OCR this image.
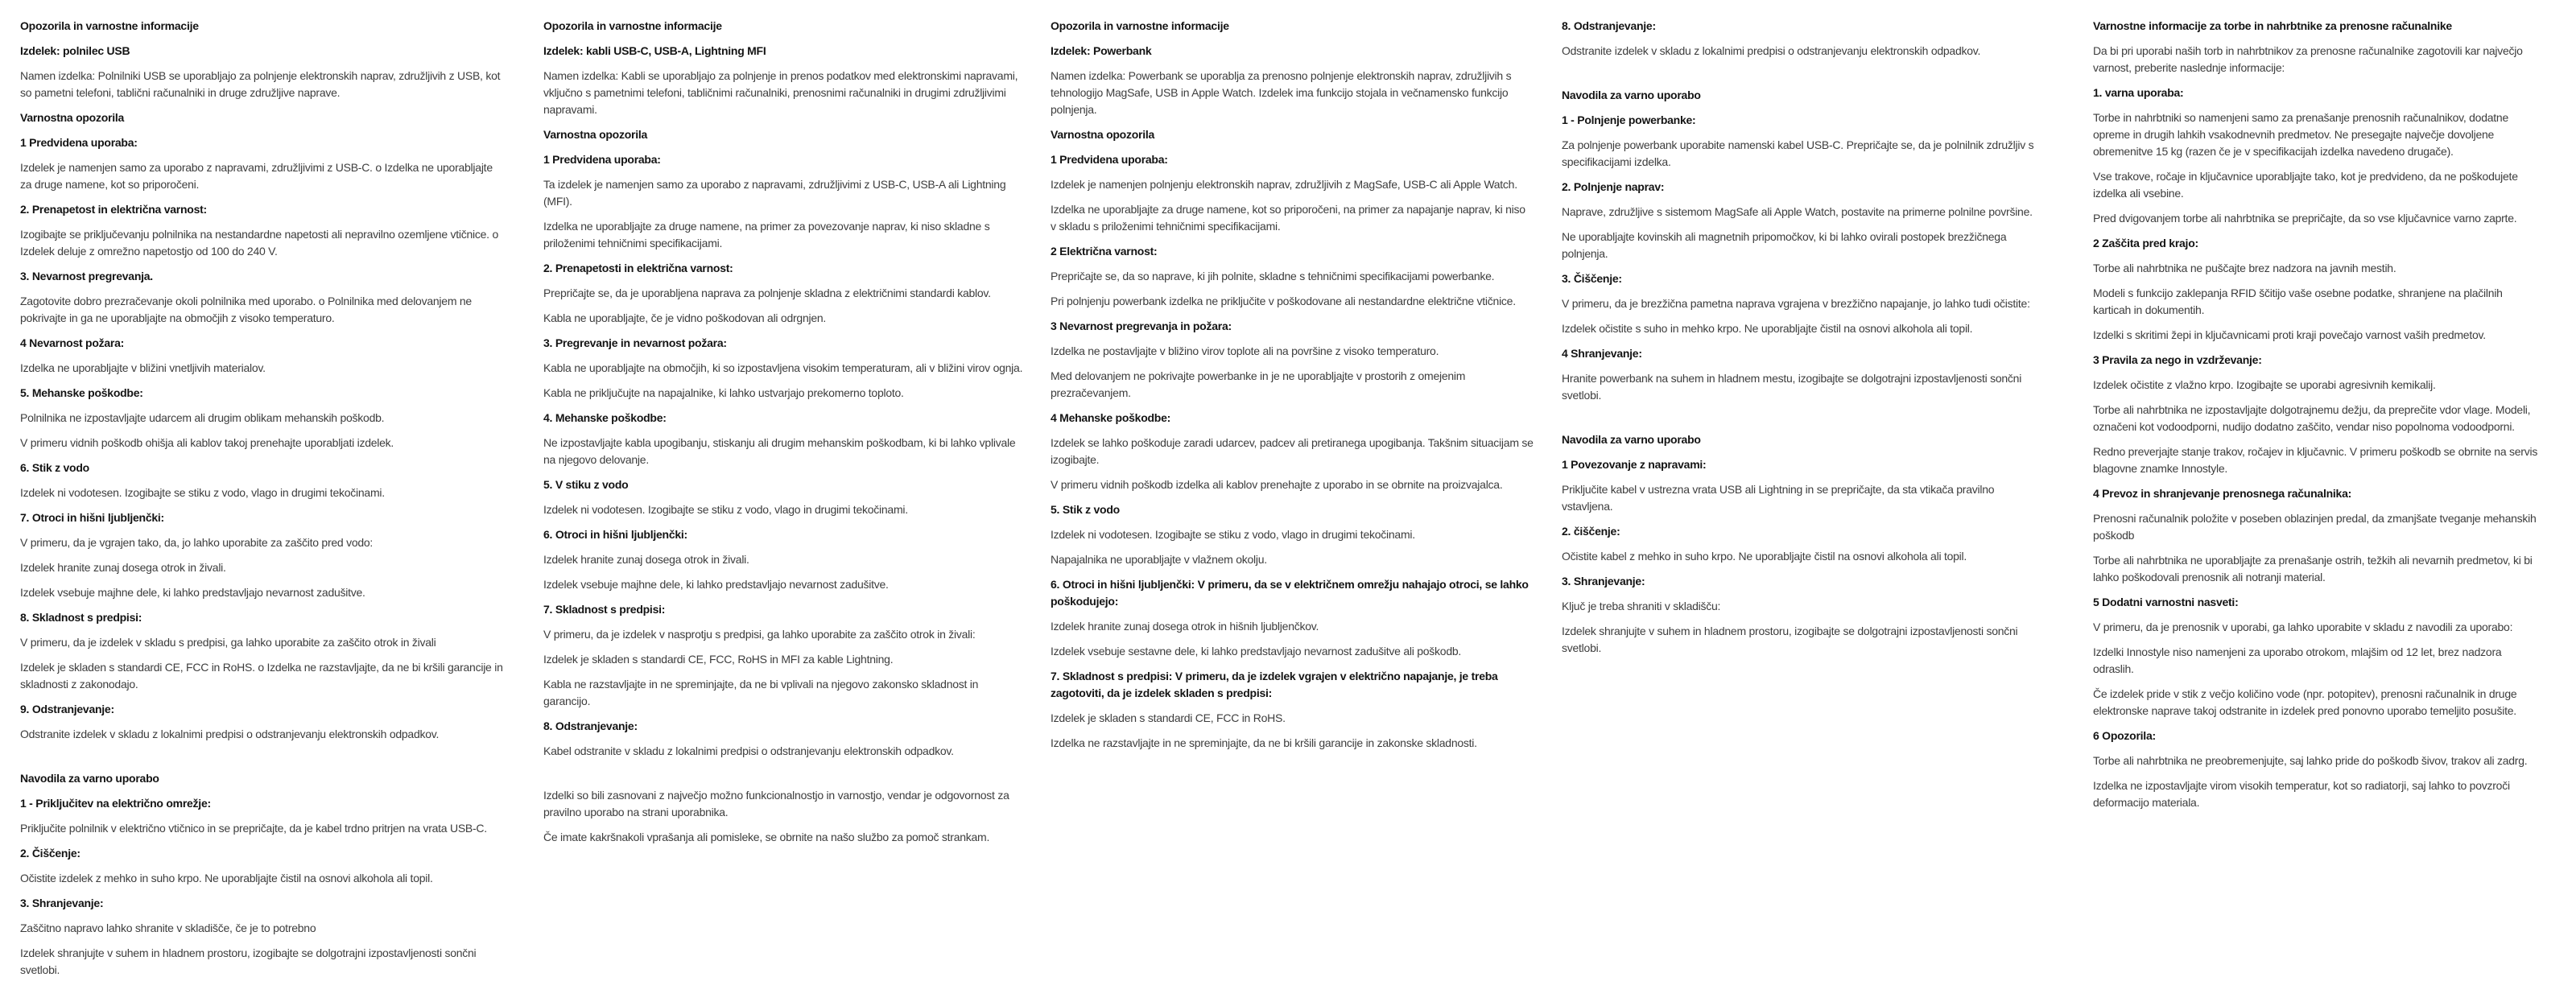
Opozorila in varnostne informacije
Izdelek: polnilec USB

Namen izdelka: Polnilniki USB se uporabljajo za polnjenje elektronskih naprav, združljivih z USB, kot so pametni telefoni, tablični računalniki in druge združljive naprave.

Varnostna opozorila
1 Predvidena uporaba:

Izdelek je namenjen samo za uporabo z napravami, združljivimi z USB-C. o Izdelka ne uporabljajte za druge namene, kot so priporočeni.

2. Prenapetost in električna varnost:

Izogibajte se priključevanju polnilnika na nestandardne napetosti ali nepravilno ozemljene vtičnice. o Izdelek deluje z omrežno napetostjo od 100 do 240 V.

3. Nevarnost pregrevanja.

Zagotovite dobro prezračevanje okoli polnilnika med uporabo. o Polnilnika med delovanjem ne pokrivajte in ga ne uporabljajte na območjih z visoko temperaturo.

4 Nevarnost požara:

Izdelka ne uporabljajte v bližini vnetljivih materialov.

5. Mehanske poškodbe:

Polnilnika ne izpostavljajte udarcem ali drugim oblikam mehanskih poškodb.

V primeru vidnih poškodb ohišja ali kablov takoj prenehajte uporabljati izdelek.

6. Stik z vodo

Izdelek ni vodotesen. Izogibajte se stiku z vodo, vlago in drugimi tekočinami.

7. Otroci in hišni ljubljenčki:

V primeru, da je vgrajen tako, da, jo lahko uporabite za zaščito pred vodo:

Izdelek hranite zunaj dosega otrok in živali.

Izdelek vsebuje majhne dele, ki lahko predstavljajo nevarnost zadušitve.

8. Skladnost s predpisi:

V primeru, da je izdelek v skladu s predpisi, ga lahko uporabite za zaščito otrok in živali

Izdelek je skladen s standardi CE, FCC in RoHS. o Izdelka ne razstavljajte, da ne bi kršili garancije in skladnosti z zakonodajo.

9. Odstranjevanje:

Odstranite izdelek v skladu z lokalnimi predpisi o odstranjevanju elektronskih odpadkov.

Navodila za varno uporabo
1 - Priključitev na električno omrežje:

Priključite polnilnik v električno vtičnico in se prepričajte, da je kabel trdno pritrjen na vrata USB-C.

2. Čiščenje:

Očistite izdelek z mehko in suho krpo. Ne uporabljajte čistil na osnovi alkohola ali topil.

3. Shranjevanje:

Zaščitno napravo lahko shranite v skladišče, če je to potrebno

Izdelek shranjujte v suhem in hladnem prostoru, izogibajte se dolgotrajni izpostavljenosti sončni svetlobi.

Opozorila in varnostne informacije
Izdelek: kabli USB-C, USB-A, Lightning MFI

Namen izdelka: Kabli se uporabljajo za polnjenje in prenos podatkov med elektronskimi napravami, vključno s pametnimi telefoni, tabličnimi računalniki, prenosnimi računalniki in drugimi združljivimi napravami.

Varnostna opozorila
1 Predvidena uporaba:

Ta izdelek je namenjen samo za uporabo z napravami, združljivimi z USB-C, USB-A ali Lightning (MFI).

Izdelka ne uporabljajte za druge namene, na primer za povezovanje naprav, ki niso skladne s priloženimi tehničnimi specifikacijami.

2. Prenapetosti in električna varnost:

Prepričajte se, da je uporabljena naprava za polnjenje skladna z električnimi standardi kablov.

Kabla ne uporabljajte, če je vidno poškodovan ali odrgnjen.

3. Pregrevanje in nevarnost požara:

Kabla ne uporabljajte na območjih, ki so izpostavljena visokim temperaturam, ali v bližini virov ognja.

Kabla ne priključujte na napajalnike, ki lahko ustvarjajo prekomerno toploto.

4. Mehanske poškodbe:

Ne izpostavljajte kabla upogibanju, stiskanju ali drugim mehanskim poškodbam, ki bi lahko vplivale na njegovo delovanje.

5. V stiku z vodo

Izdelek ni vodotesen. Izogibajte se stiku z vodo, vlago in drugimi tekočinami.

6. Otroci in hišni ljubljenčki:

Izdelek hranite zunaj dosega otrok in živali.

Izdelek vsebuje majhne dele, ki lahko predstavljajo nevarnost zadušitve.

7. Skladnost s predpisi:

V primeru, da je izdelek v nasprotju s predpisi, ga lahko uporabite za zaščito otrok in živali:

Izdelek je skladen s standardi CE, FCC, RoHS in MFI za kable Lightning.

Kabla ne razstavljajte in ne spreminjajte, da ne bi vplivali na njegovo zakonsko skladnost in garancijo.

8. Odstranjevanje:

Kabel odstranite v skladu z lokalnimi predpisi o odstranjevanju elektronskih odpadkov.

Izdelki so bili zasnovani z največjo možno funkcionalnostjo in varnostjo, vendar je odgovornost za pravilno uporabo na strani uporabnika.

Če imate kakršnakoli vprašanja ali pomisleke, se obrnite na našo službo za pomoč strankam.

Opozorila in varnostne informacije
Izdelek: Powerbank

Namen izdelka: Powerbank se uporablja za prenosno polnjenje elektronskih naprav, združljivih s tehnologijo MagSafe, USB in Apple Watch. Izdelek ima funkcijo stojala in večnamensko funkcijo polnjenja.

Varnostna opozorila
1 Predvidena uporaba:

Izdelek je namenjen polnjenju elektronskih naprav, združljivih z MagSafe, USB-C ali Apple Watch.

Izdelka ne uporabljajte za druge namene, kot so priporočeni, na primer za napajanje naprav, ki niso v skladu s priloženimi tehničnimi specifikacijami.

2 Električna varnost:

Prepričajte se, da so naprave, ki jih polnite, skladne s tehničnimi specifikacijami powerbanke.

Pri polnjenju powerbank izdelka ne priključite v poškodovane ali nestandardne električne vtičnice.

3 Nevarnost pregrevanja in požara:

Izdelka ne postavljajte v bližino virov toplote ali na površine z visoko temperaturo.

Med delovanjem ne pokrivajte powerbanke in je ne uporabljajte v prostorih z omejenim prezračevanjem.

4 Mehanske poškodbe:

Izdelek se lahko poškoduje zaradi udarcev, padcev ali pretiranega upogibanja. Takšnim situacijam se izogibajte.

V primeru vidnih poškodb izdelka ali kablov prenehajte z uporabo in se obrnite na proizvajalca.

5. Stik z vodo

Izdelek ni vodotesen. Izogibajte se stiku z vodo, vlago in drugimi tekočinami.

Napajalnika ne uporabljajte v vlažnem okolju.

6. Otroci in hišni ljubljenčki: V primeru, da se v električnem omrežju nahajajo otroci, se lahko poškodujejo:

Izdelek hranite zunaj dosega otrok in hišnih ljubljenčkov.

Izdelek vsebuje sestavne dele, ki lahko predstavljajo nevarnost zadušitve ali poškodb.

7. Skladnost s predpisi: V primeru, da je izdelek vgrajen v električno napajanje, je treba zagotoviti, da je izdelek skladen s predpisi:

Izdelek je skladen s standardi CE, FCC in RoHS.

Izdelka ne razstavljajte in ne spreminjajte, da ne bi kršili garancije in zakonske skladnosti.

8. Odstranjevanje:

Odstranite izdelek v skladu z lokalnimi predpisi o odstranjevanju elektronskih odpadkov.

Navodila za varno uporabo
1 - Polnjenje powerbanke:

Za polnjenje powerbank uporabite namenski kabel USB-C. Prepričajte se, da je polnilnik združljiv s specifikacijami izdelka.

2. Polnjenje naprav:

Naprave, združljive s sistemom MagSafe ali Apple Watch, postavite na primerne polnilne površine.

Ne uporabljajte kovinskih ali magnetnih pripomočkov, ki bi lahko ovirali postopek brezžičnega polnjenja.

3. Čiščenje:

V primeru, da je brezžična pametna naprava vgrajena v brezžično napajanje, jo lahko tudi očistite:

Izdelek očistite s suho in mehko krpo. Ne uporabljajte čistil na osnovi alkohola ali topil.

4 Shranjevanje:

Hranite powerbank na suhem in hladnem mestu, izogibajte se dolgotrajni izpostavljenosti sončni svetlobi.

Navodila za varno uporabo
1 Povezovanje z napravami:

Priključite kabel v ustrezna vrata USB ali Lightning in se prepričajte, da sta vtikača pravilno vstavljena.

2. čiščenje:

Očistite kabel z mehko in suho krpo. Ne uporabljajte čistil na osnovi alkohola ali topil.

3. Shranjevanje:

Ključ je treba shraniti v skladišču:

Izdelek shranjujte v suhem in hladnem prostoru, izogibajte se dolgotrajni izpostavljenosti sončni svetlobi.

Varnostne informacije za torbe in nahrbtnike za prenosne računalnike

Da bi pri uporabi naših torb in nahrbtnikov za prenosne računalnike zagotovili kar največjo varnost, preberite naslednje informacije:

1. varna uporaba:

Torbe in nahrbtniki so namenjeni samo za prenašanje prenosnih računalnikov, dodatne opreme in drugih lahkih vsakodnevnih predmetov. Ne presegajte največje dovoljene obremenitve 15 kg (razen če je v specifikacijah izdelka navedeno drugače).

Vse trakove, ročaje in ključavnice uporabljajte tako, kot je predvideno, da ne poškodujete izdelka ali vsebine.

Pred dvigovanjem torbe ali nahrbtnika se prepričajte, da so vse ključavnice varno zaprte.

2 Zaščita pred krajo:

Torbe ali nahrbtnika ne puščajte brez nadzora na javnih mestih.

Modeli s funkcijo zaklepanja RFID ščitijo vaše osebne podatke, shranjene na plačilnih karticah in dokumentih.

Izdelki s skritimi žepi in ključavnicami proti kraji povečajo varnost vaših predmetov.

3 Pravila za nego in vzdrževanje:

Izdelek očistite z vlažno krpo. Izogibajte se uporabi agresivnih kemikalij.

Torbe ali nahrbtnika ne izpostavljajte dolgotrajnemu dežju, da preprečite vdor vlage. Modeli, označeni kot vodoodporni, nudijo dodatno zaščito, vendar niso popolnoma vodoodporni.

Redno preverjajte stanje trakov, ročajev in ključavnic. V primeru poškodb se obrnite na servis blagovne znamke Innostyle.

4 Prevoz in shranjevanje prenosnega računalnika:

Prenosni računalnik položite v poseben oblazinjen predal, da zmanjšate tveganje mehanskih poškodb

Torbe ali nahrbtnika ne uporabljajte za prenašanje ostrih, težkih ali nevarnih predmetov, ki bi lahko poškodovali prenosnik ali notranji material.

5 Dodatni varnostni nasveti:

V primeru, da je prenosnik v uporabi, ga lahko uporabite v skladu z navodili za uporabo:

Izdelki Innostyle niso namenjeni za uporabo otrokom, mlajšim od 12 let, brez nadzora odraslih.

Če izdelek pride v stik z večjo količino vode (npr. potopitev), prenosni računalnik in druge elektronske naprave takoj odstranite in izdelek pred ponovno uporabo temeljito posušite.

6 Opozorila:

Torbe ali nahrbtnika ne preobremenjujte, saj lahko pride do poškodb šivov, trakov ali zadrg.

Izdelka ne izpostavljajte virom visokih temperatur, kot so radiatorji, saj lahko to povzroči deformacijo materiala.
